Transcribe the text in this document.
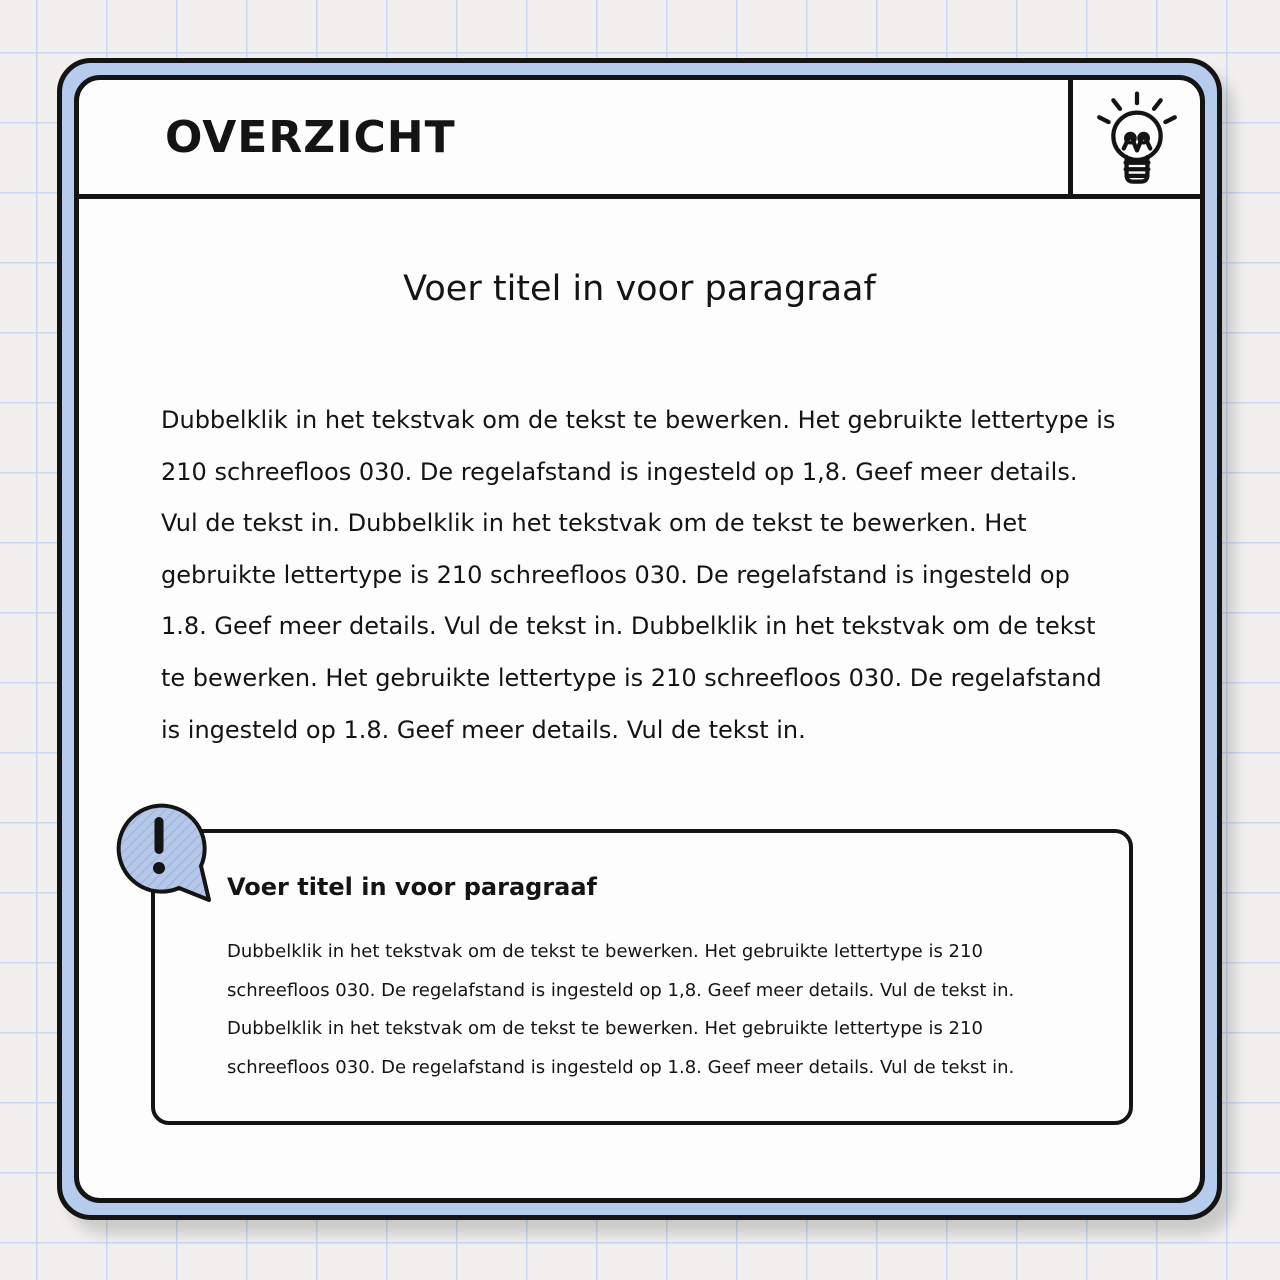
OVERZICHT
Voer titel in voor paragraaf

Dubbelklik in het tekstvak om de tekst te bewerken. Het gebruikte lettertype is 210 schreefloos 030. De regelafstand is ingesteld op 1,8. Geef meer details. Vul de tekst in. Dubbelklik in het tekstvak om de tekst te bewerken. Het gebruikte lettertype is 210 schreefloos 030. De regelafstand is ingesteld op 1.8. Geef meer details. Vul de tekst in. Dubbelklik in het tekstvak om de tekst te bewerken. Het gebruikte lettertype is 210 schreefloos 030. De regelafstand is ingesteld op 1.8. Geef meer details. Vul de tekst in.

Voer titel in voor paragraaf

Dubbelklik in het tekstvak om de tekst te bewerken. Het gebruikte lettertype is 210 schreefloos 030. De regelafstand is ingesteld op 1,8. Geef meer details. Vul de tekst in. Dubbelklik in het tekstvak om de tekst te bewerken. Het gebruikte lettertype is 210 schreefloos 030. De regelafstand is ingesteld op 1.8. Geef meer details. Vul de tekst in.
